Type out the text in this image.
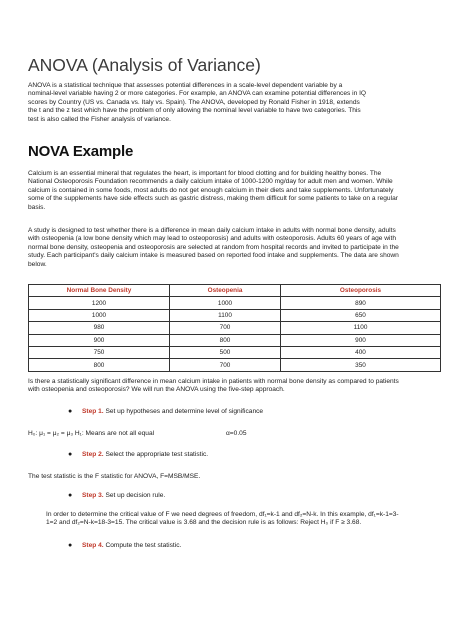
ANOVA (Analysis of Variance)
ANOVA is a statistical technique that assesses potential differences in a scale-level dependent variable by a
nominal-level variable having 2 or more categories. For example, an ANOVA can examine potential differences in IQ
scores by Country (US vs. Canada vs. Italy vs. Spain). The ANOVA, developed by Ronald Fisher in 1918, extends
the t and the z test which have the problem of only allowing the nominal level variable to have two categories. This
test is also called the Fisher analysis of variance.
NOVA Example
Calcium is an essential mineral that regulates the heart, is important for blood clotting and for building healthy bones. The
National Osteoporosis Foundation recommends a daily calcium intake of 1000-1200 mg/day for adult men and women. While
calcium is contained in some foods, most adults do not get enough calcium in their diets and take supplements. Unfortunately
some of the supplements have side effects such as gastric distress, making them difficult for some patients to take on a regular
basis.
A study is designed to test whether there is a difference in mean daily calcium intake in adults with normal bone density, adults
with osteopenia (a low bone density which may lead to osteoporosis) and adults with osteoporosis. Adults 60 years of age with
normal bone density, osteopenia and osteoporosis are selected at random from hospital records and invited to participate in the
study. Each participant's daily calcium intake is measured based on reported food intake and supplements. The data are shown
below.
Normal Bone Density	Osteopenia	Osteoporosis
1200	1000	890
1000	1100	650
980	700	1100
900	800	900
750	500	400
800	700	350
Is there a statistically significant difference in mean calcium intake in patients with normal bone density as compared to patients
with osteopenia and osteoporosis? We will run the ANOVA using the five-step approach.
● Step 1. Set up hypotheses and determine level of significance
H₀: μ₁ = μ₂ = μ₃ H₁: Means are not all equal	α=0.05
● Step 2. Select the appropriate test statistic.
The test statistic is the F statistic for ANOVA, F=MSB/MSE.
● Step 3. Set up decision rule.
In order to determine the critical value of F we need degrees of freedom, df₁=k-1 and df₂=N-k. In this example, df₁=k-1=3-
1=2 and df₂=N-k=18-3=15. The critical value is 3.68 and the decision rule is as follows: Reject H₀ if F ≥ 3.68.
● Step 4. Compute the test statistic.
